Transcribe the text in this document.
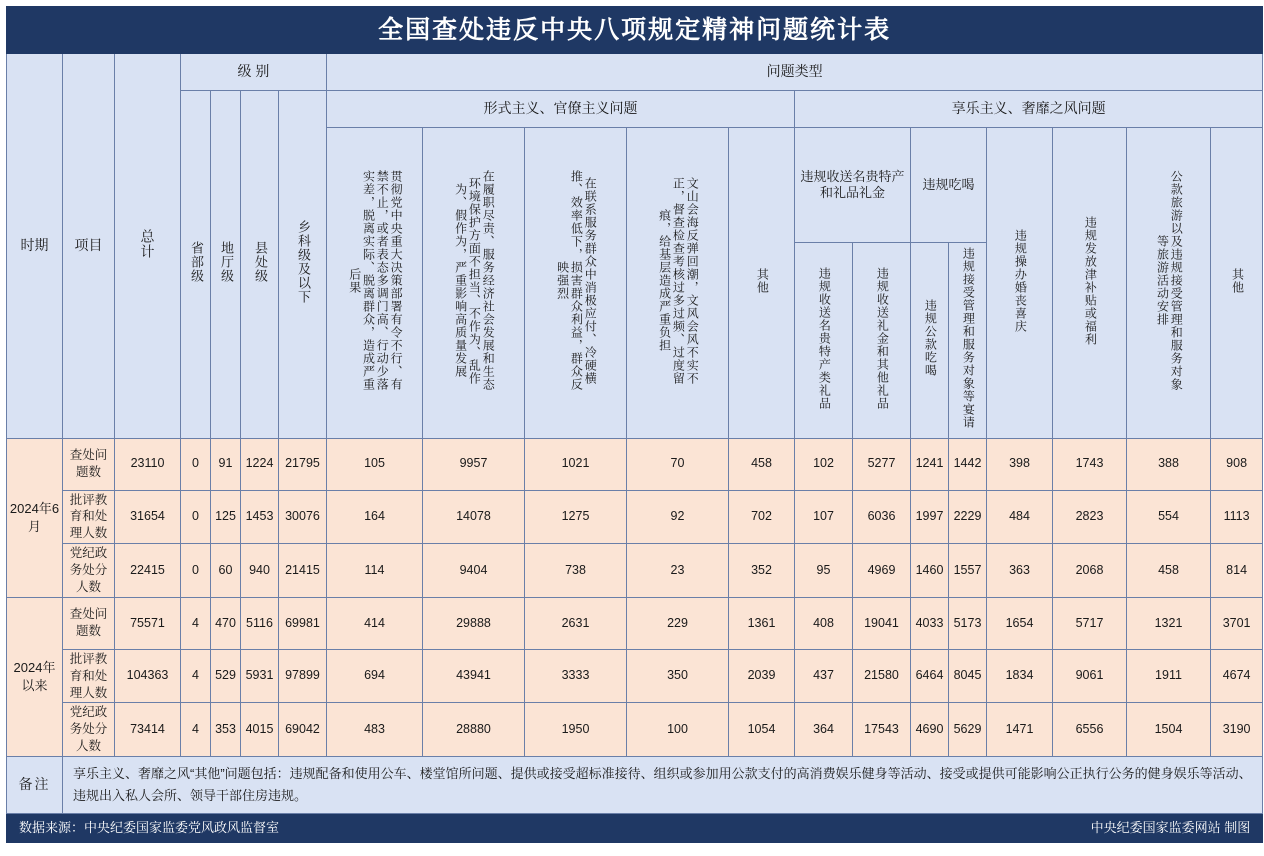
全国查处违反中央八项规定精神问题统计表																			
时期	项目	总计	级 别				问题类型												
			省部级	地厅级	县处级	乡科级及以下	形式主义、官僚主义问题					享乐主义、奢靡之风问题							
							贯彻党中央重大决策部署有令不行、有禁不止，或者表态多调门高、行动少落实差，脱离实际、脱离群众，造成严重后果	在履职尽责、服务经济社会发展和生态环境保护方面不担当、不作为、乱作为、假作为，严重影响高质量发展	在联系服务群众中消极应付、冷硬横推、效率低下，损害群众利益，群众反映强烈	文山会海反弹回潮，文风会风不实不正，督查检查考核过多过频、过度留痕，给基层造成严重负担	其他	违规收送名贵特产和礼品礼金		违规吃喝		违规操办婚丧喜庆	违规发放津补贴或福利	公款旅游以及违规接受管理和服务对象等旅游活动安排	其他
												违规收送名贵特产类礼品	违规收送礼金和其他礼品	违规公款吃喝	违规接受管理和服务对象等宴请				
2024年6月	查处问题数	23110	0	91	1224	21795	105	9957	1021	70	458	102	5277	1241	1442	398	1743	388	908
	批评教育和处理人数	31654	0	125	1453	30076	164	14078	1275	92	702	107	6036	1997	2229	484	2823	554	1113
	党纪政务处分人数	22415	0	60	940	21415	114	9404	738	23	352	95	4969	1460	1557	363	2068	458	814
2024年以来	查处问题数	75571	4	470	5116	69981	414	29888	2631	229	1361	408	19041	4033	5173	1654	5717	1321	3701
	批评教育和处理人数	104363	4	529	5931	97899	694	43941	3333	350	2039	437	21580	6464	8045	1834	9061	1911	4674
	党纪政务处分人数	73414	4	353	4015	69042	483	28880	1950	100	1054	364	17543	4690	5629	1471	6556	1504	3190
备注	享乐主义、奢靡之风“其他”问题包括：违规配备和使用公车、楼堂馆所问题、提供或接受超标准接待、组织或参加用公款支付的高消费娱乐健身等活动、接受或提供可能影响公正执行公务的健身娱乐等活动、违规出入私人会所、领导干部住房违规。																		

数据来源：中央纪委国家监委党风政风监督室 中央纪委国家监委网站 制图																			
